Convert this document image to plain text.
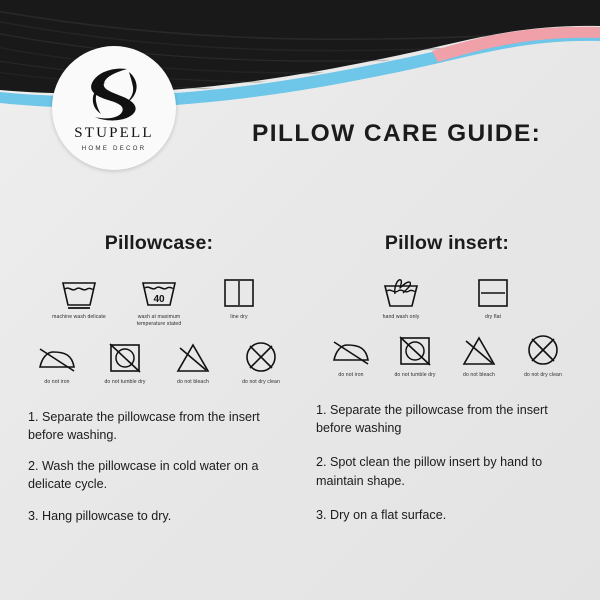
STUPELL
HOME DECOR
PILLOW CARE GUIDE:
Pillowcase:
machine wash delicate
40
wash at maximum temperature stated
line dry
do not iron	do not tumble dry	do not bleach	do not dry clean
1. Separate the pillowcase from the insert before washing.
2. Wash the pillowcase in cold water on a delicate cycle.
3. Hang pillowcase to dry.
Pillow insert:
hand wash only	dry flat
do not iron	do not tumble dry	do not bleach	do not dry clean
1. Separate the pillowcase from the insert before washing
2. Spot clean the pillow insert by hand to maintain shape.
3. Dry on a flat surface.
